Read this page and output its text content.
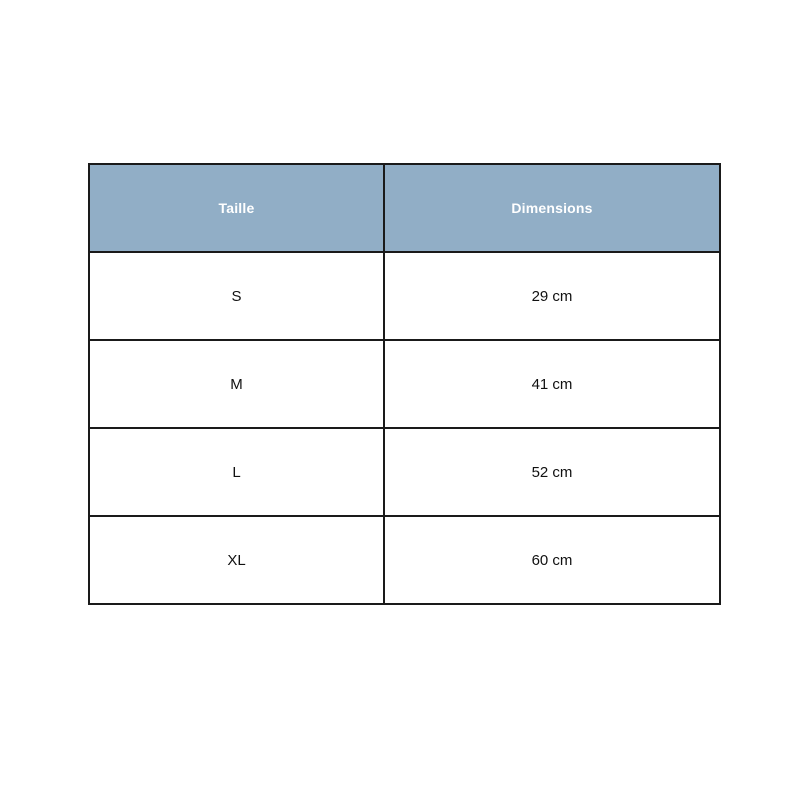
Taille	Dimensions
S	29 cm
M	41 cm
L	52 cm
XL	60 cm
